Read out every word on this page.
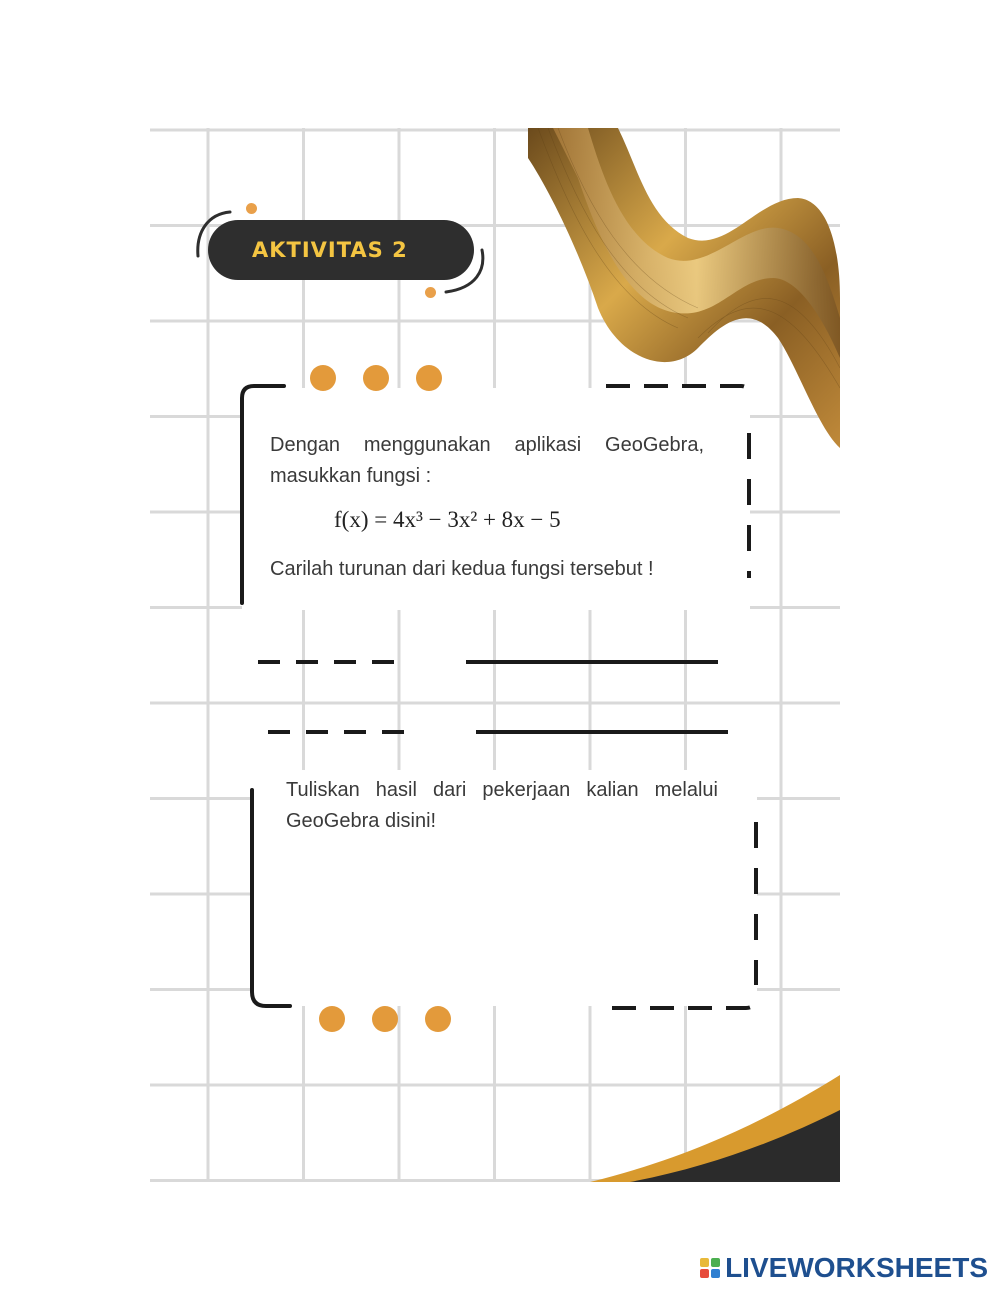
AKTIVITAS 2
Dengan menggunakan aplikasi GeoGebra, masukkan fungsi :
f(x) = 4x³ − 3x² + 8x − 5
Carilah turunan dari kedua fungsi tersebut !
Tuliskan hasil dari pekerjaan kalian melalui GeoGebra disini!
LIVEWORKSHEETS
